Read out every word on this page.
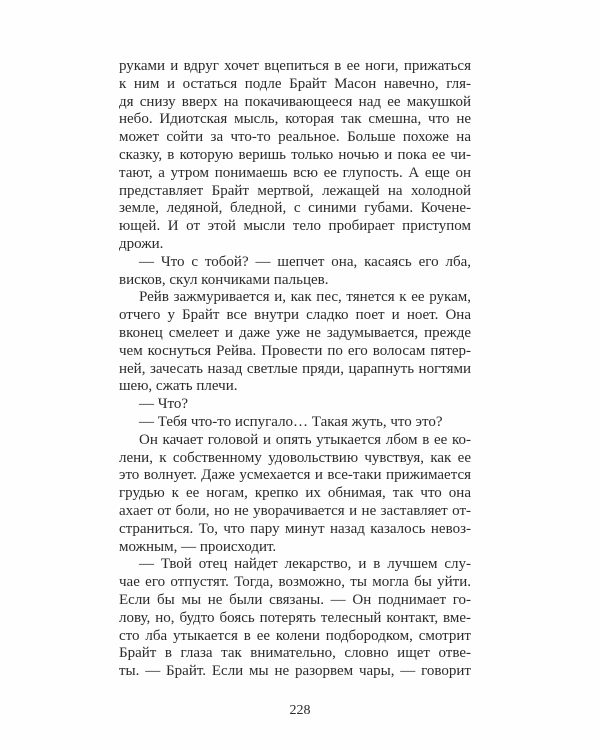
руками и вдруг хочет вцепиться в ее ноги, прижаться
к ним и остаться подле Брайт Масон навечно, гля-
дя снизу вверх на покачивающееся над ее макушкой
небо. Идиотская мысль, которая так смешна, что не
может сойти за что-то реальное. Больше похоже на
сказку, в которую веришь только ночью и пока ее чи-
тают, а утром понимаешь всю ее глупость. А еще он
представляет Брайт мертвой, лежащей на холодной
земле, ледяной, бледной, с синими губами. Кочене-
ющей. И от этой мысли тело пробирает приступом
дрожи.
— Что с тобой? — шепчет она, касаясь его лба,
висков, скул кончиками пальцев.
Рейв зажмуривается и, как пес, тянется к ее рукам,
отчего у Брайт все внутри сладко поет и ноет. Она
вконец смелеет и даже уже не задумывается, прежде
чем коснуться Рейва. Провести по его волосам пятер-
ней, зачесать назад светлые пряди, царапнуть ногтями
шею, сжать плечи.
— Что?
— Тебя что-то испугало… Такая жуть, что это?
Он качает головой и опять утыкается лбом в ее ко-
лени, к собственному удовольствию чувствуя, как ее
это волнует. Даже усмехается и все-таки прижимается
грудью к ее ногам, крепко их обнимая, так что она
ахает от боли, но не уворачивается и не заставляет от-
страниться. То, что пару минут назад казалось невоз-
можным, — происходит.
— Твой отец найдет лекарство, и в лучшем слу-
чае его отпустят. Тогда, возможно, ты могла бы уйти.
Если бы мы не были связаны. — Он поднимает го-
лову, но, будто боясь потерять телесный контакт, вме-
сто лба утыкается в ее колени подбородком, смотрит
Брайт в глаза так внимательно, словно ищет отве-
ты. — Брайт. Если мы не разорвем чары, — говорит
228
